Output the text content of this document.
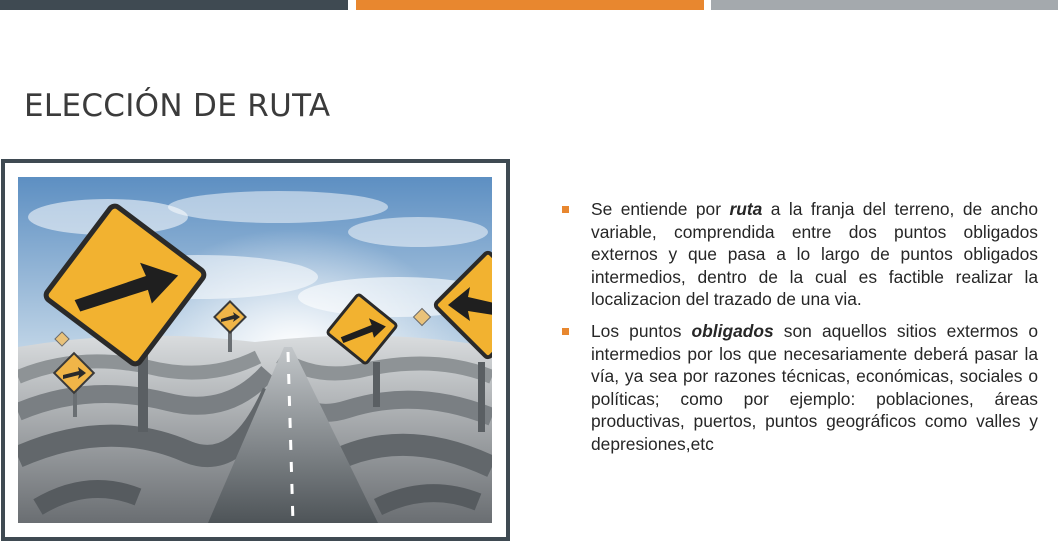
ELECCIÓN DE RUTA

Se entiende por ruta a la franja del terreno, de ancho variable, comprendida entre dos puntos obligados externos y que pasa a lo largo de puntos obligados intermedios, dentro de la cual es factible realizar la localizacion del trazado de una via.

Los puntos obligados son aquellos sitios extermos o intermedios por los que necesariamente deberá pasar la vía, ya sea por razones técnicas, económicas, sociales o políticas; como por ejemplo: poblaciones, áreas productivas, puertos, puntos geográficos como valles y depresiones,etc
